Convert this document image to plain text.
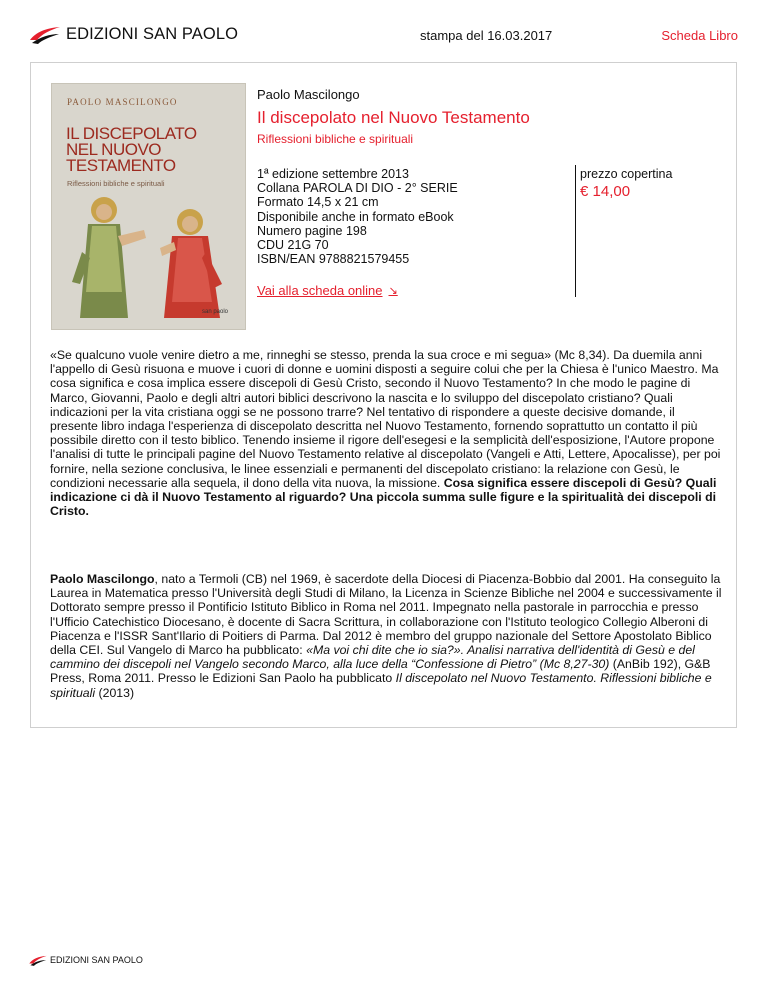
EDIZIONI SAN PAOLO	stampa del 16.03.2017	Scheda Libro
PAOLO MASCILONGO
IL DISCEPOLATO
NEL NUOVO
TESTAMENTO
Riflessioni bibliche e spirituali
san paolo
Paolo Mascilongo
Il discepolato nel Nuovo Testamento
Riflessioni bibliche e spirituali
1ª edizione settembre 2013
Collana PAROLA DI DIO - 2° SERIE
Formato 14,5 x 21 cm
Disponibile anche in formato eBook
Numero pagine 198
CDU 21G 70
ISBN/EAN 9788821579455
prezzo copertina
€ 14,00
Vai alla scheda online ↘
«Se qualcuno vuole venire dietro a me, rinneghi se stesso, prenda la sua croce e mi segua» (Mc 8,34). Da duemila anni l'appello di Gesù risuona e muove i cuori di donne e uomini disposti a seguire colui che per la Chiesa è l'unico Maestro. Ma cosa significa e cosa implica essere discepoli di Gesù Cristo, secondo il Nuovo Testamento? In che modo le pagine di Marco, Giovanni, Paolo e degli altri autori biblici descrivono la nascita e lo sviluppo del discepolato cristiano? Quali indicazioni per la vita cristiana oggi se ne possono trarre? Nel tentativo di rispondere a queste decisive domande, il presente libro indaga l'esperienza di discepolato descritta nel Nuovo Testamento, fornendo soprattutto un contatto il più possibile diretto con il testo biblico. Tenendo insieme il rigore dell'esegesi e la semplicità dell'esposizione, l'Autore propone l'analisi di tutte le principali pagine del Nuovo Testamento relative al discepolato (Vangeli e Atti, Lettere, Apocalisse), per poi fornire, nella sezione conclusiva, le linee essenziali e permanenti del discepolato cristiano: la relazione con Gesù, le condizioni necessarie alla sequela, il dono della vita nuova, la missione. Cosa significa essere discepoli di Gesù? Quali indicazione ci dà il Nuovo Testamento al riguardo? Una piccola summa sulle figure e la spiritualità dei discepoli di Cristo.
Paolo Mascilongo, nato a Termoli (CB) nel 1969, è sacerdote della Diocesi di Piacenza-Bobbio dal 2001. Ha conseguito la Laurea in Matematica presso l'Università degli Studi di Milano, la Licenza in Scienze Bibliche nel 2004 e successivamente il Dottorato sempre presso il Pontificio Istituto Biblico in Roma nel 2011. Impegnato nella pastorale in parrocchia e presso l'Ufficio Catechistico Diocesano, è docente di Sacra Scrittura, in collaborazione con l'Istituto teologico Collegio Alberoni di Piacenza e l'ISSR Sant'Ilario di Poitiers di Parma. Dal 2012 è membro del gruppo nazionale del Settore Apostolato Biblico della CEI. Sul Vangelo di Marco ha pubblicato: «Ma voi chi dite che io sia?». Analisi narrativa dell'identità di Gesù e del cammino dei discepoli nel Vangelo secondo Marco, alla luce della “Confessione di Pietro” (Mc 8,27-30) (AnBib 192), G&B Press, Roma 2011. Presso le Edizioni San Paolo ha pubblicato Il discepolato nel Nuovo Testamento. Riflessioni bibliche e spirituali (2013)
EDIZIONI SAN PAOLO
